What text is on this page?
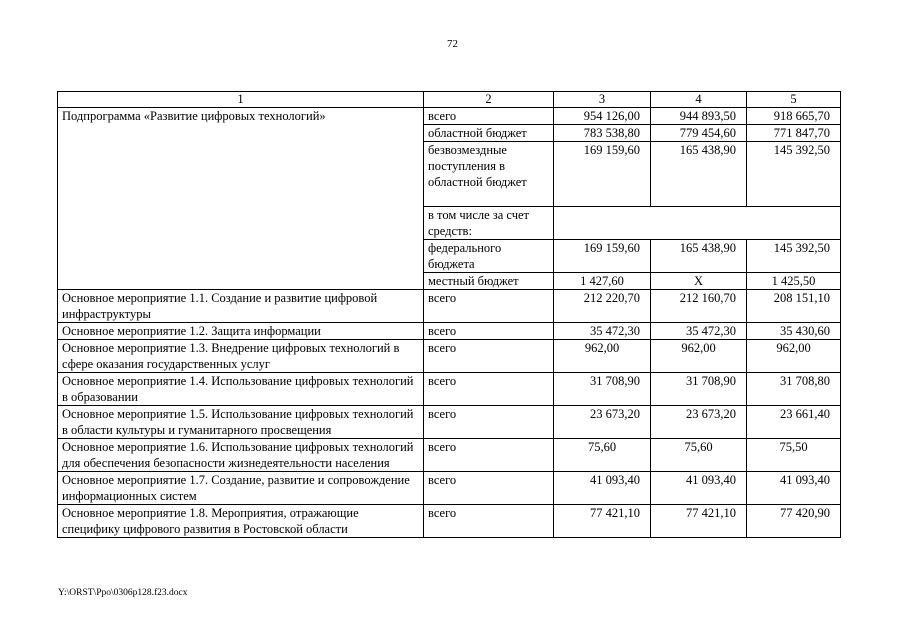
72
1	2	3	4	5
Подпрограмма «Развитие цифровых технологий»	всего	954 126,00	944 893,50	918 665,70
	областной бюджет	783 538,80	779 454,60	771 847,70
	безвозмездные поступления в областной бюджет	169 159,60	165 438,90	145 392,50
	в том числе за счет средств:			
	федерального бюджета	169 159,60	165 438,90	145 392,50
	местный бюджет	1 427,60	Х	1 425,50
Основное мероприятие 1.1. Создание и развитие цифровой инфраструктуры	всего	212 220,70	212 160,70	208 151,10
Основное мероприятие 1.2. Защита информации	всего	35 472,30	35 472,30	35 430,60
Основное мероприятие 1.3. Внедрение цифровых технологий в сфере оказания государственных услуг	всего	962,00	962,00	962,00
Основное мероприятие 1.4. Использование цифровых технологий в образовании	всего	31 708,90	31 708,90	31 708,80
Основное мероприятие 1.5. Использование цифровых технологий в области культуры и гуманитарного просвещения	всего	23 673,20	23 673,20	23 661,40
Основное мероприятие 1.6. Использование цифровых технологий для обеспечения безопасности жизнедеятельности населения	всего	75,60	75,60	75,50
Основное мероприятие 1.7. Создание, развитие и сопровождение информационных систем	всего	41 093,40	41 093,40	41 093,40
Основное мероприятие 1.8. Мероприятия, отражающие специфику цифрового развития в Ростовской области	всего	77 421,10	77 421,10	77 420,90
Y:\ORST\Ppo\0306p128.f23.docx
